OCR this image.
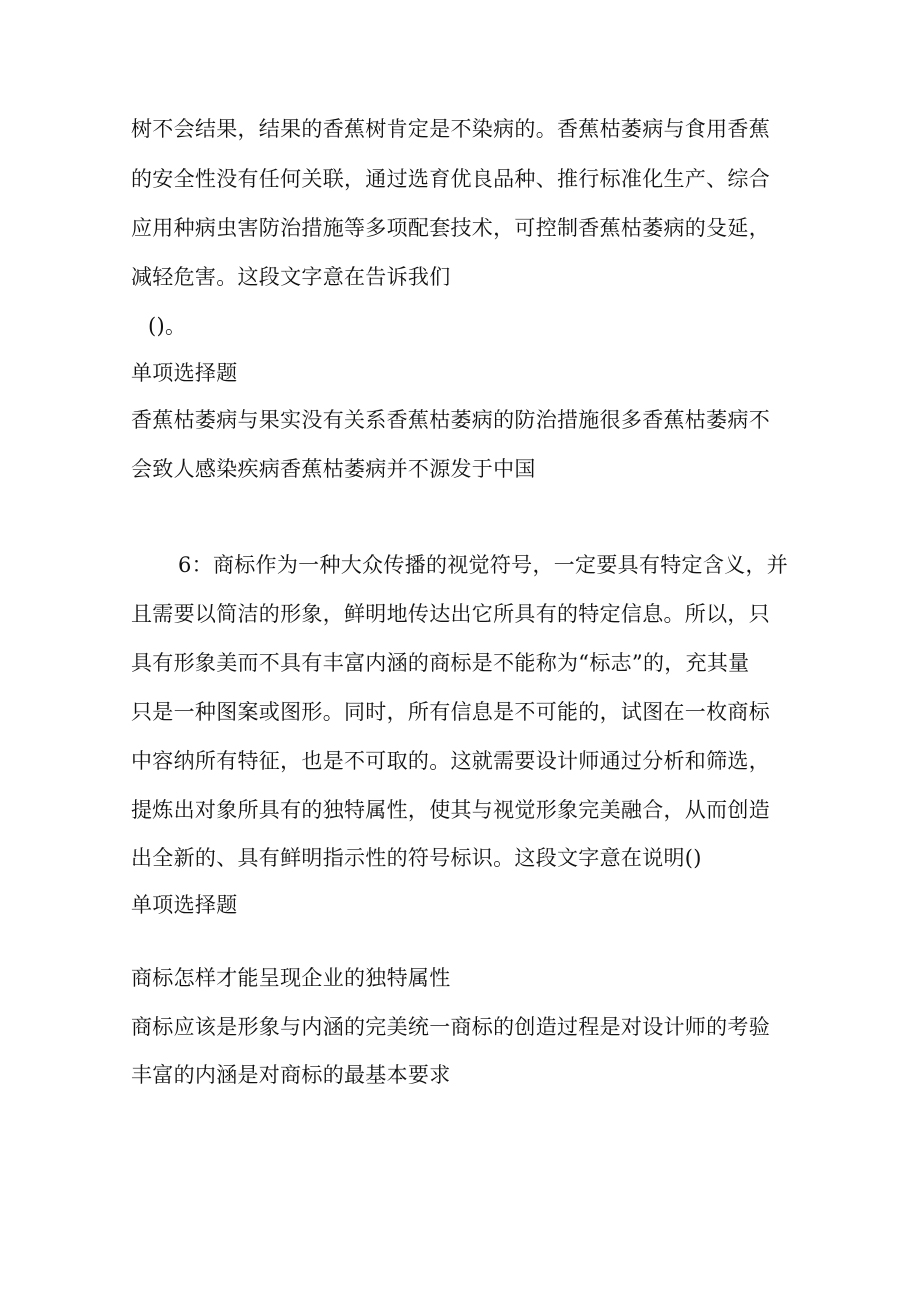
树不会结果，结果的香蕉树肯定是不染病的。香蕉枯萎病与食用香蕉
的安全性没有任何关联，通过选育优良品种、推行标准化生产、综合
应用种病虫害防治措施等多项配套技术，可控制香蕉枯萎病的殳延，
减轻危害。这段文字意在告诉我们
()。
单项选择题
香蕉枯萎病与果实没有关系香蕉枯萎病的防治措施很多香蕉枯萎病不
会致人感染疾病香蕉枯萎病并不源发于中国
6：商标作为一种大众传播的视觉符号，一定要具有特定含义，并
且需要以简洁的形象，鲜明地传达出它所具有的特定信息。所以，只
具有形象美而不具有丰富内涵的商标是不能称为“标志”的，充其量
只是一种图案或图形。同时，所有信息是不可能的，试图在一枚商标
中容纳所有特征，也是不可取的。这就需要设计师通过分析和筛选，
提炼出对象所具有的独特属性，使其与视觉形象完美融合，从而创造
出全新的、具有鲜明指示性的符号标识。这段文字意在说明()
单项选择题
商标怎样才能呈现企业的独特属性
商标应该是形象与内涵的完美统一商标的创造过程是对设计师的考验
丰富的内涵是对商标的最基本要求
